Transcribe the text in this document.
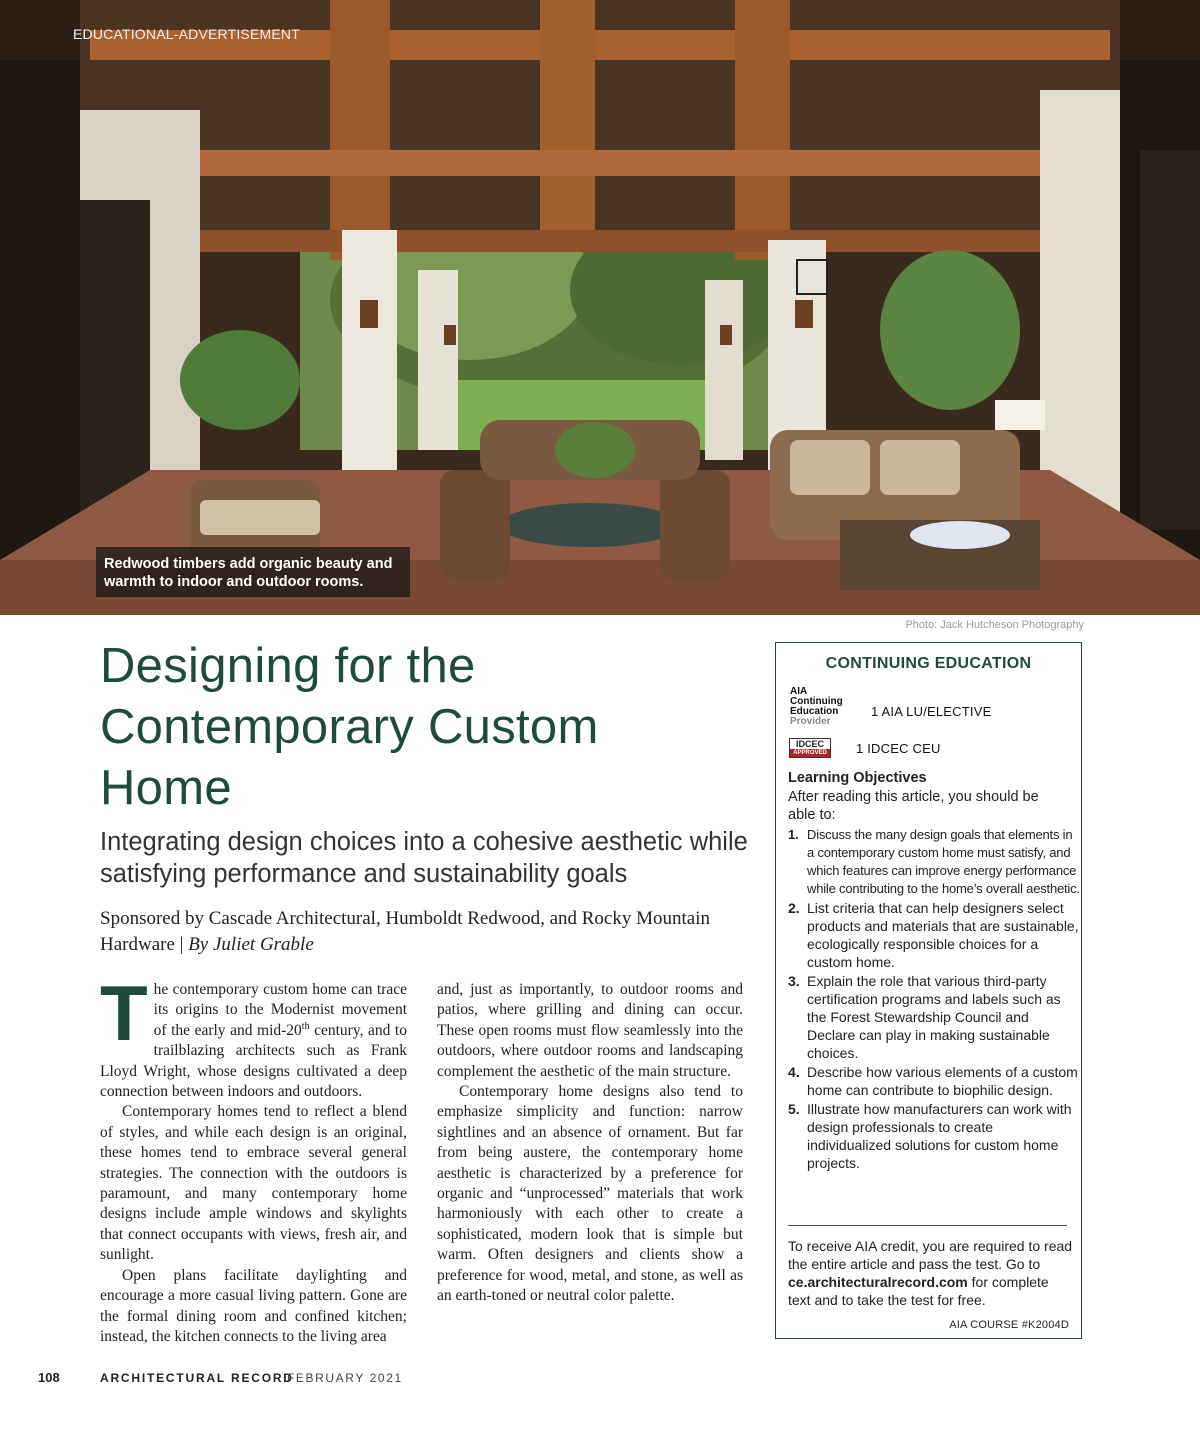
EDUCATIONAL-ADVERTISEMENT
Redwood timbers add organic beauty and warmth to indoor and outdoor rooms.
Photo: Jack Hutcheson Photography
Designing for the Contemporary Custom Home
Integrating design choices into a cohesive aesthetic while satisfying performance and sustainability goals
Sponsored by Cascade Architectural, Humboldt Redwood, and Rocky Mountain Hardware | By Juliet Grable

The contemporary custom home can trace its origins to the Modernist movement of the early and mid-20th century, and to trailblazing architects such as Frank Lloyd Wright, whose designs cultivated a deep connection between indoors and outdoors.

Contemporary homes tend to reflect a blend of styles, and while each design is an original, these homes tend to embrace several general strategies. The connection with the outdoors is paramount, and many contemporary home designs include ample windows and skylights that connect occupants with views, fresh air, and sunlight.

Open plans facilitate daylighting and encourage a more casual living pattern. Gone are the formal dining room and confined kitchen; instead, the kitchen connects to the living area

and, just as importantly, to outdoor rooms and patios, where grilling and dining can occur. These open rooms must flow seamlessly into the outdoors, where outdoor rooms and landscaping complement the aesthetic of the main structure.

Contemporary home designs also tend to emphasize simplicity and function: narrow sightlines and an absence of ornament. But far from being austere, the contemporary home aesthetic is characterized by a preference for organic and “unprocessed” materials that work harmoniously with each other to create a sophisticated, modern look that is simple but warm. Often designers and clients show a preference for wood, metal, and stone, as well as an earth-toned or neutral color palette.

CONTINUING EDUCATION
AIA
Continuing
Education
Provider
1 AIA LU/ELECTIVE
IDCEC
APPROVED 1 IDCEC CEU
Learning Objectives
After reading this article, you should be able to:
1. Discuss the many design goals that elements in a contemporary custom home must satisfy, and which features can improve energy performance while contributing to the home’s overall aesthetic.
2. List criteria that can help designers select products and materials that are sustainable, ecologically responsible choices for a custom home.
3. Explain the role that various third-party certification programs and labels such as the Forest Stewardship Council and Declare can play in making sustainable choices.
4. Describe how various elements of a custom home can contribute to biophilic design.
5. Illustrate how manufacturers can work with design professionals to create individualized solutions for custom home projects.
To receive AIA credit, you are required to read the entire article and pass the test. Go to ce.architecturalrecord.com for complete text and to take the test for free.
AIA COURSE #K2004D
108	ARCHITECTURAL RECORD
FEBRUARY 2021
